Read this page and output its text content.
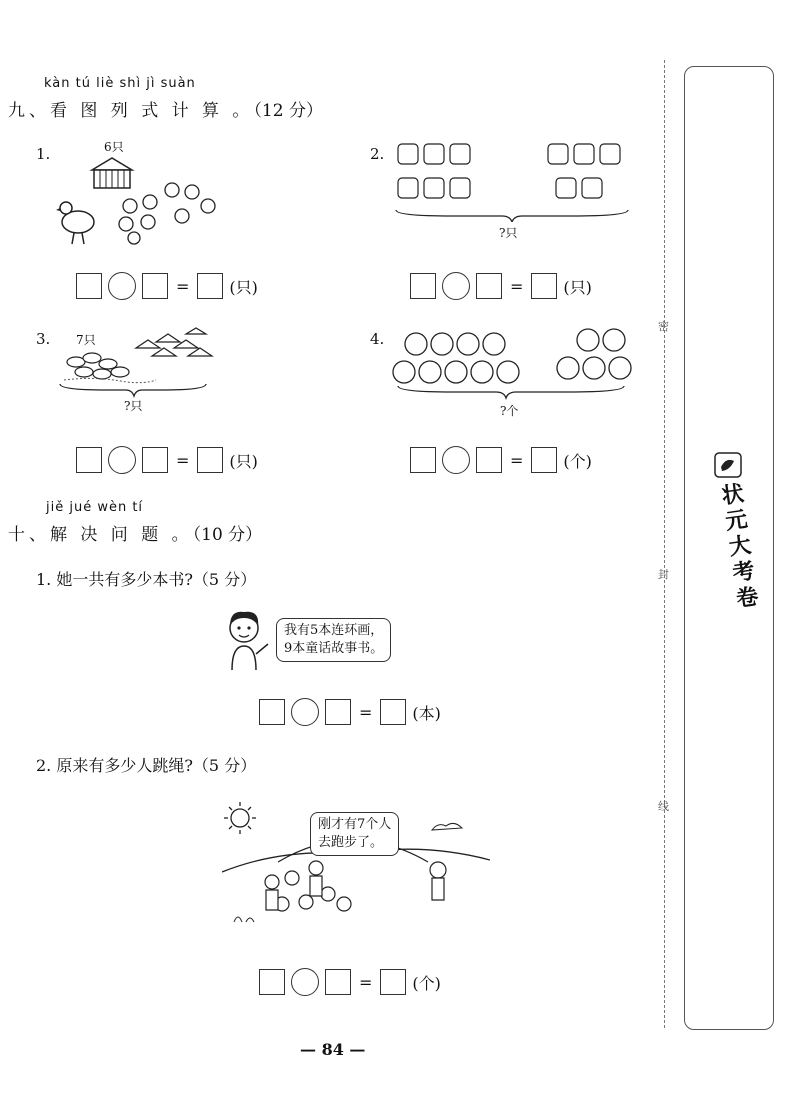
kàn tú liè shì jì suàn
九、看 图 列 式 计 算 。（12 分）
1.	6只
=	(只)
2.
?只
=	(只)
3. 7只
?只
=	(只)
4.
?个
=	(个)
jiě jué wèn tí
十、解 决 问 题 。（10 分）
1. 她一共有多少本书?（5 分）
我有5本连环画，
9本童话故事书。
=	(本)
2. 原来有多少人跳绳?（5 分）
刚才有7个人
去跑步了。
=	(个)
— 84 —
密
封
线
状元大考卷
